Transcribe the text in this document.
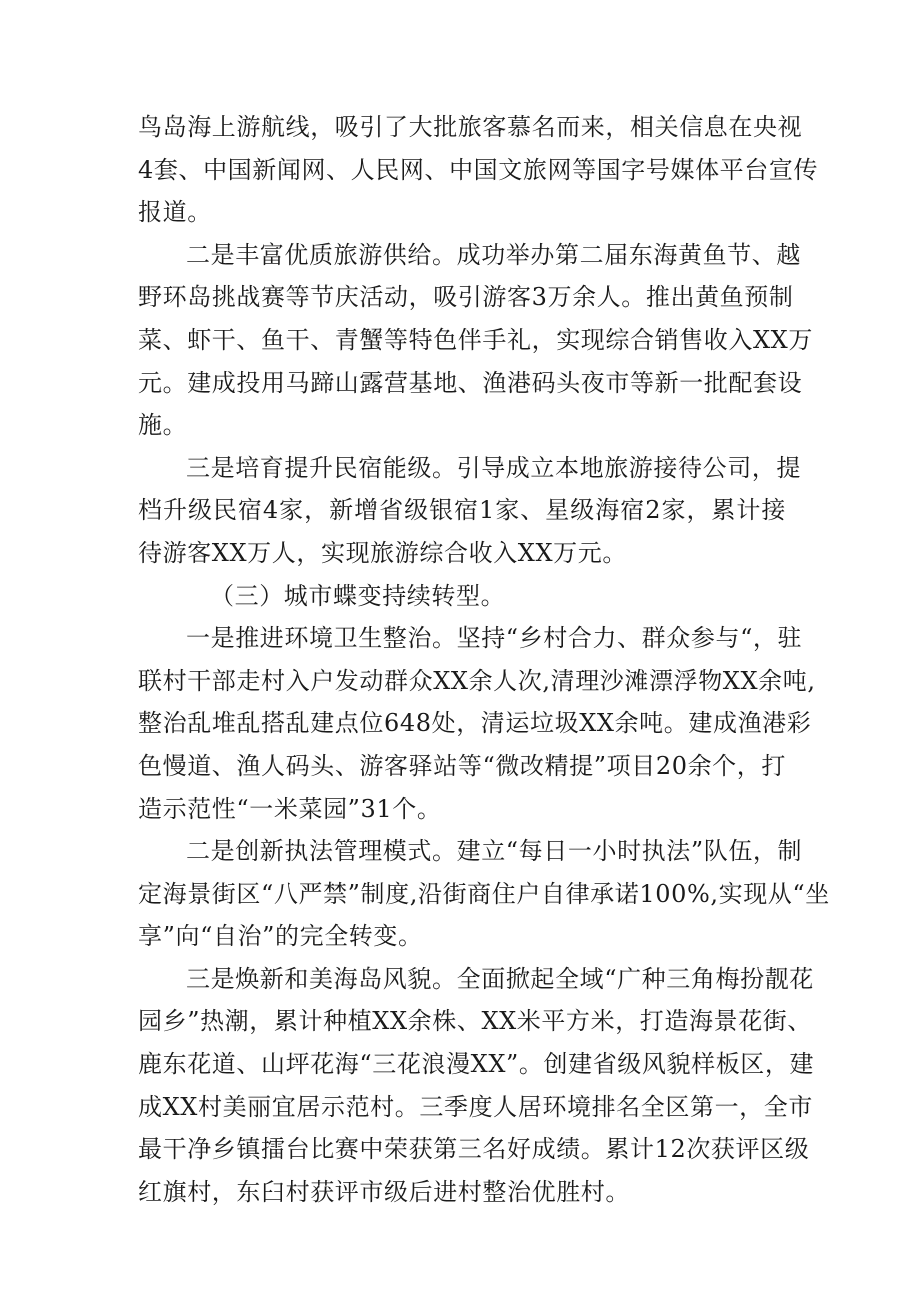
鸟岛海上游航线，吸引了大批旅客慕名而来，相关信息在央视
4套、中国新闻网、人民网、中国文旅网等国字号媒体平台宣传
报道。
二是丰富优质旅游供给。成功举办第二届东海黄鱼节、越
野环岛挑战赛等节庆活动，吸引游客3万余人。推出黄鱼预制
菜、虾干、鱼干、青蟹等特色伴手礼，实现综合销售收入XX万
元。建成投用马蹄山露营基地、渔港码头夜市等新一批配套设
施。
三是培育提升民宿能级。引导成立本地旅游接待公司，提
档升级民宿4家，新增省级银宿1家、星级海宿2家，累计接
待游客XX万人，实现旅游综合收入XX万元。
（三）城市蝶变持续转型。
一是推进环境卫生整治。坚持“乡村合力、群众参与“，驻
联村干部走村入户发动群众XX余人次,清理沙滩漂浮物XX余吨,
整治乱堆乱搭乱建点位648处，清运垃圾XX余吨。建成渔港彩
色慢道、渔人码头、游客驿站等“微改精提”项目20余个，打
造示范性“一米菜园”31个。
二是创新执法管理模式。建立“每日一小时执法”队伍，制
定海景街区“八严禁”制度,沿街商住户自律承诺100%,实现从“坐
享”向“自治”的完全转变。
三是焕新和美海岛风貌。全面掀起全域“广种三角梅扮靓花
园乡”热潮，累计种植XX余株、XX米平方米，打造海景花街、
鹿东花道、山坪花海“三花浪漫XX”。创建省级风貌样板区，建
成XX村美丽宜居示范村。三季度人居环境排名全区第一，全市
最干净乡镇擂台比赛中荣获第三名好成绩。累计12次获评区级
红旗村，东臼村获评市级后进村整治优胜村。
